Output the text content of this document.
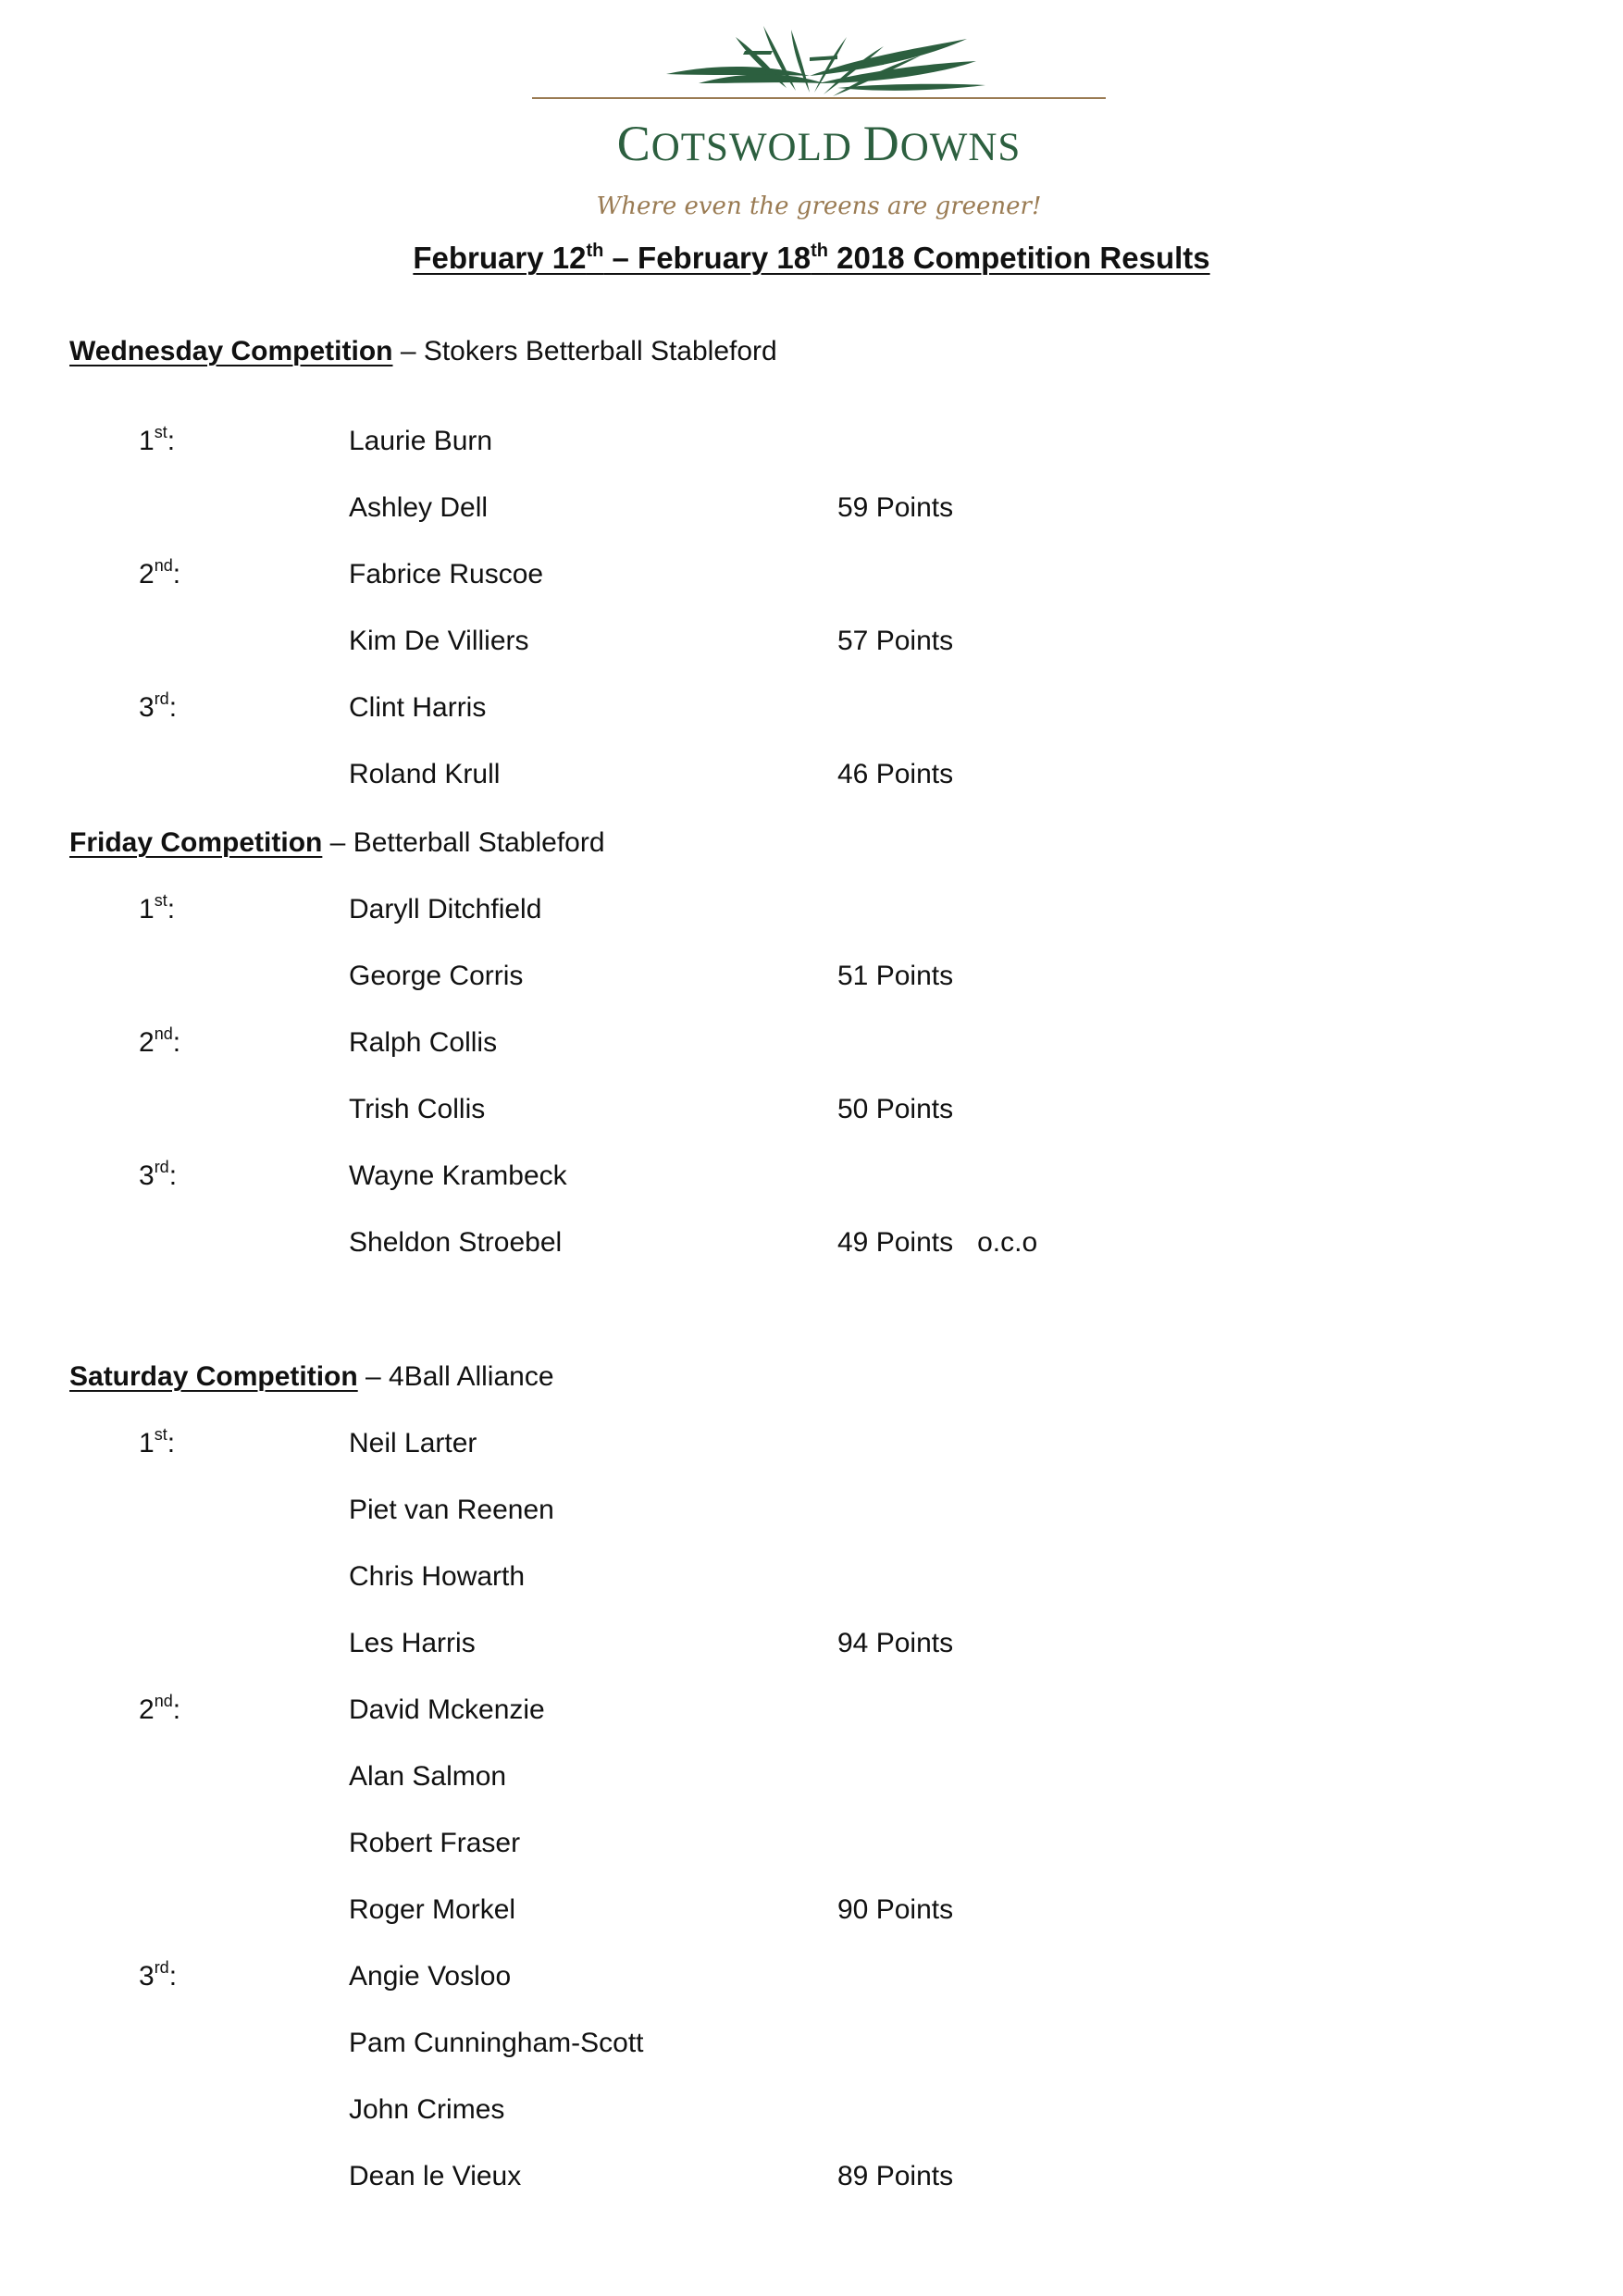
COTSWOLD DOWNS
Where even the greens are greener!
February 12th – February 18th 2018 Competition Results
Wednesday Competition – Stokers Betterball Stableford
1st:	Laurie Burn
Ashley Dell	59 Points
2nd:	Fabrice Ruscoe
Kim De Villiers	57 Points
3rd:	Clint Harris
Roland Krull	46 Points
Friday Competition – Betterball Stableford
1st:	Daryll Ditchfield
George Corris	51 Points
2nd:	Ralph Collis
Trish Collis	50 Points
3rd:	Wayne Krambeck
Sheldon Stroebel	49 Points o.c.o
Saturday Competition – 4Ball Alliance
1st:	Neil Larter
Piet van Reenen
Chris Howarth
Les Harris	94 Points
2nd:	David Mckenzie
Alan Salmon
Robert Fraser
Roger Morkel	90 Points
3rd:	Angie Vosloo
Pam Cunningham-Scott
John Crimes
Dean le Vieux	89 Points
